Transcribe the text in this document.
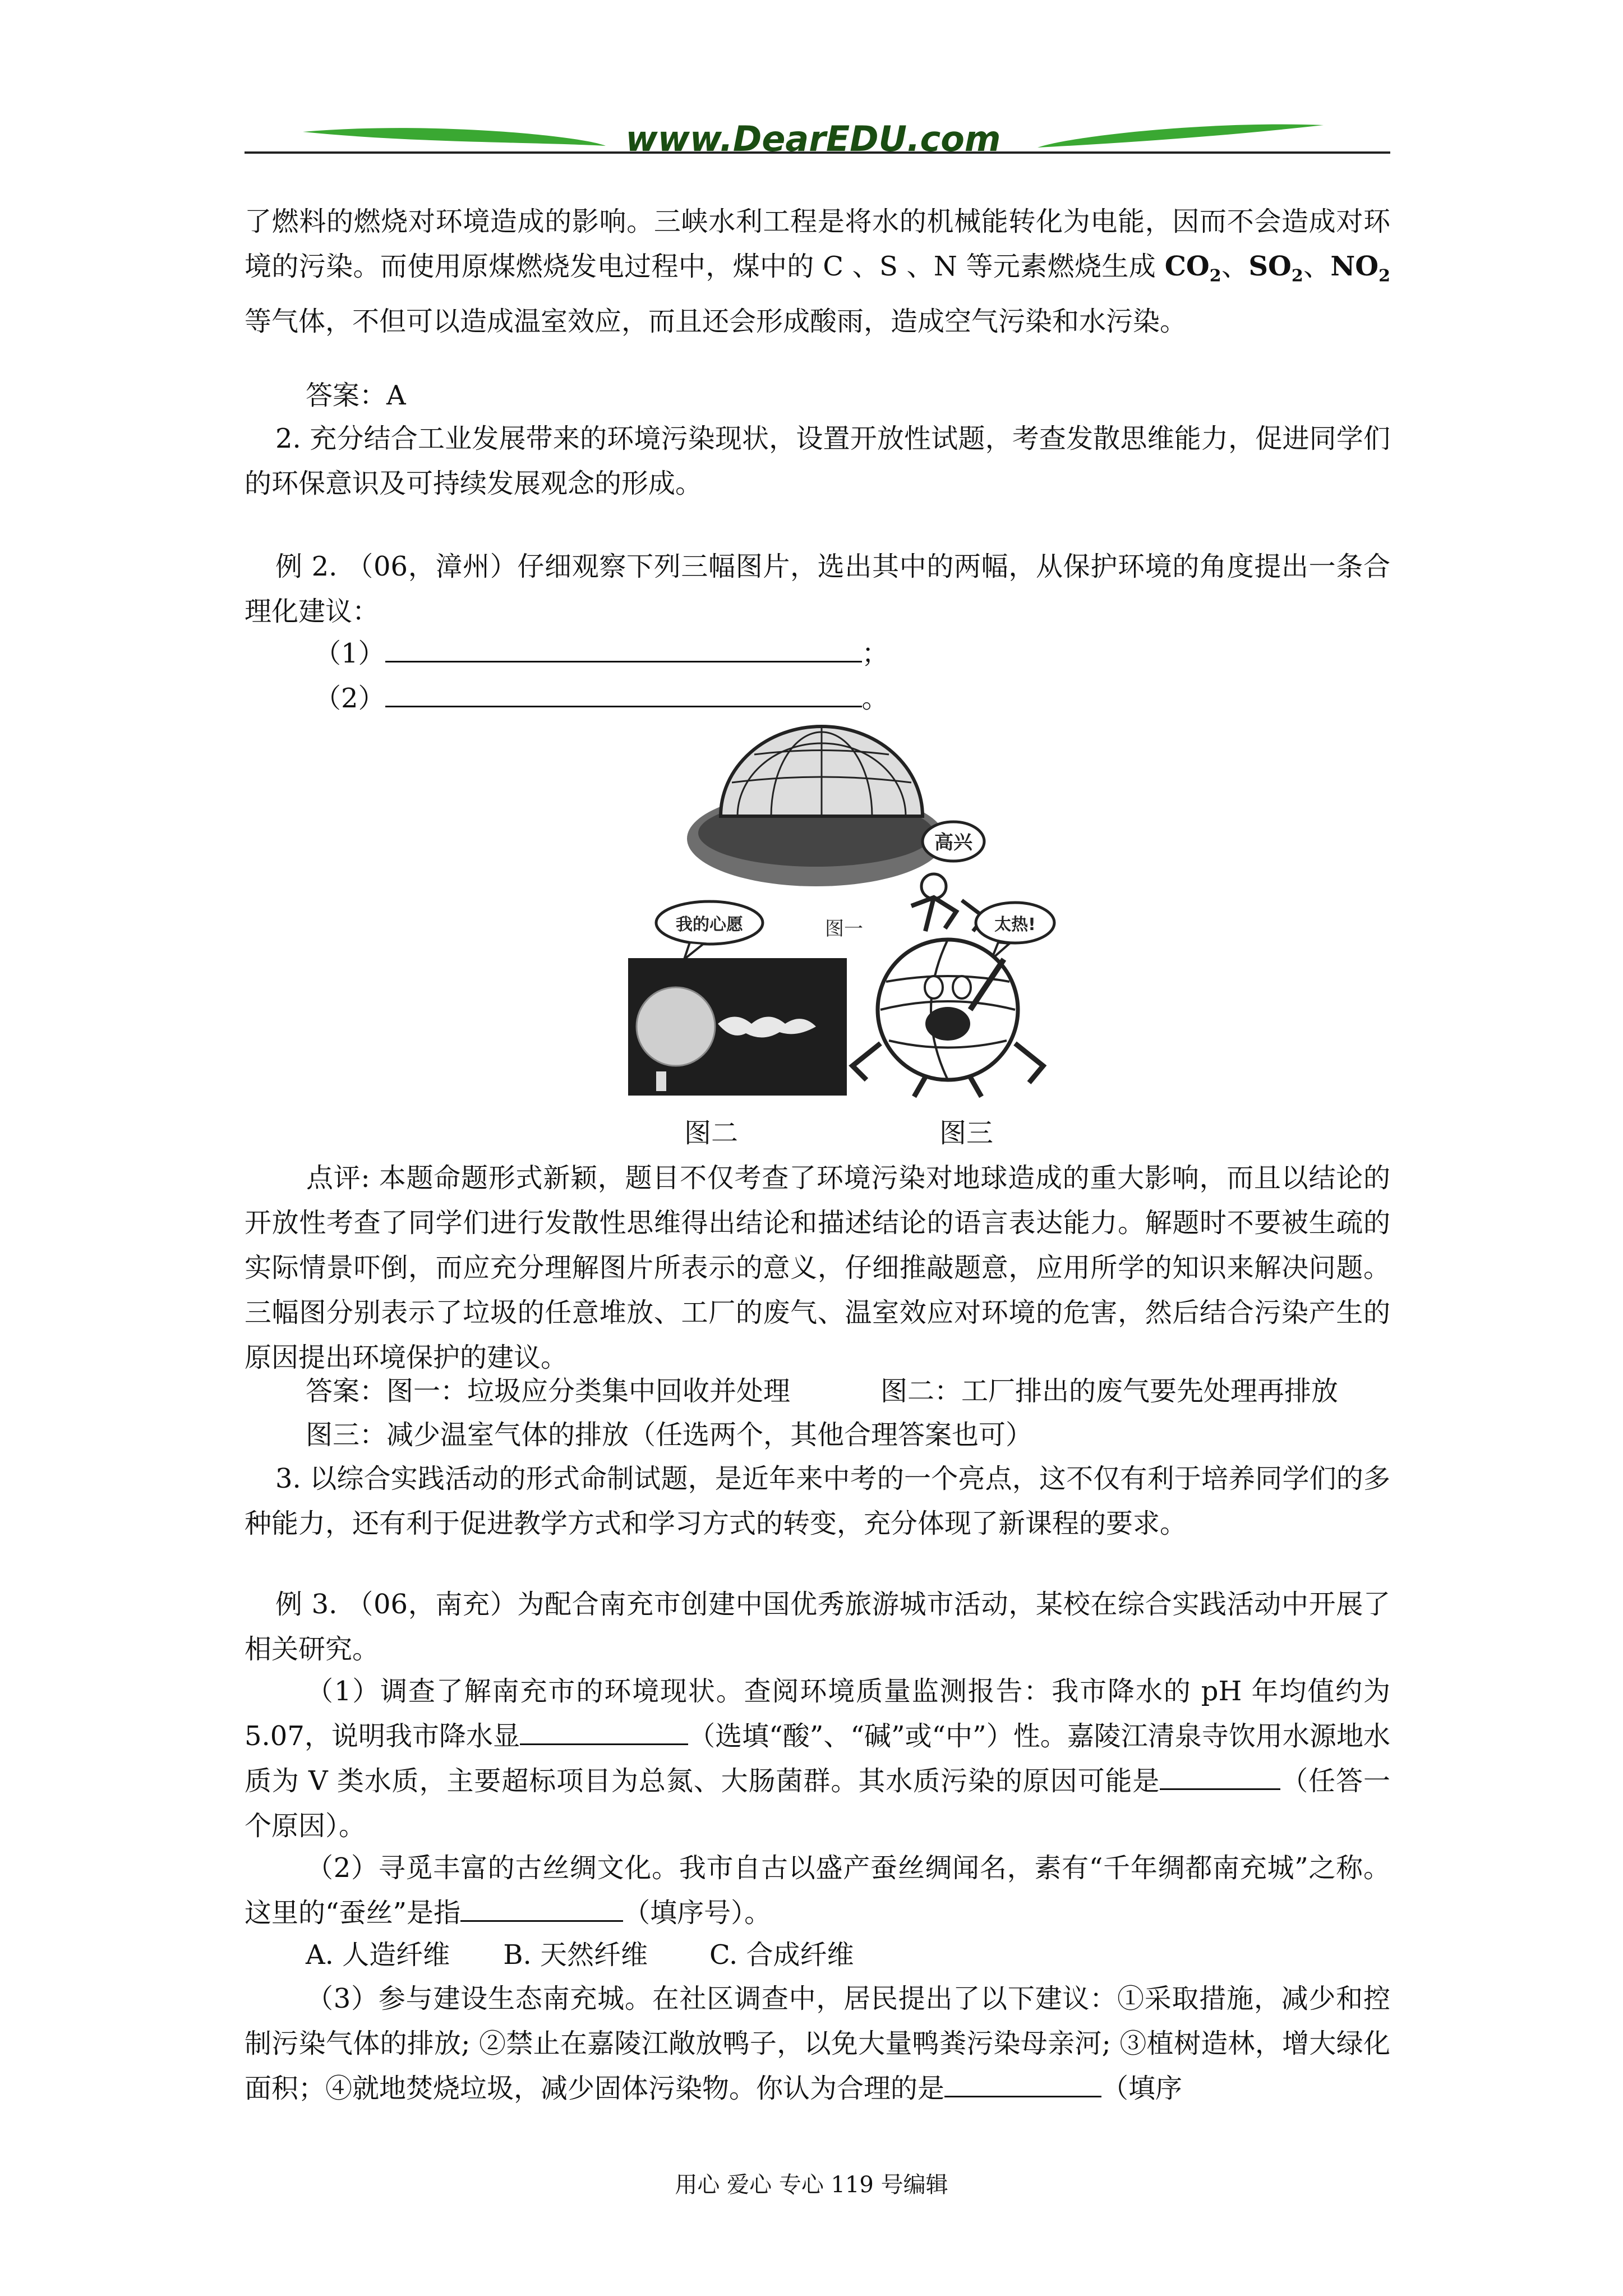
www.DearEDU.com

了燃料的燃烧对环境造成的影响。三峡水利工程是将水的机械能转化为电能，因而不会造成对环境的污染。而使用原煤燃烧发电过程中，煤中的 C 、S 、N 等元素燃烧生成 $CO_2$、$SO_2$、$NO_2$等气体，不但可以造成温室效应，而且还会形成酸雨，造成空气污染和水污染。

答案：A

2. 充分结合工业发展带来的环境污染现状，设置开放性试题，考查发散思维能力，促进同学们的环保意识及可持续发展观念的形成。

例 2. （06，漳州）仔细观察下列三幅图片，选出其中的两幅，从保护环境的角度提出一条合理化建议：

（1）	；
（2）	。
高兴
图一
我的心愿	太热!
图二	图三

点评: 本题命题形式新颖，题目不仅考查了环境污染对地球造成的重大影响，而且以结论的开放性考查了同学们进行发散性思维得出结论和描述结论的语言表达能力。解题时不要被生疏的实际情景吓倒，而应充分理解图片所表示的意义，仔细推敲题意，应用所学的知识来解决问题。三幅图分别表示了垃圾的任意堆放、工厂的废气、温室效应对环境的危害，然后结合污染产生的原因提出环境保护的建议。

答案：图一：垃圾应分类集中回收并处理	图二：工厂排出的废气要先处理再排放
图三：减少温室气体的排放（任选两个，其他合理答案也可）

3. 以综合实践活动的形式命制试题，是近年来中考的一个亮点，这不仅有利于培养同学们的多种能力，还有利于促进教学方式和学习方式的转变，充分体现了新课程的要求。

例 3. （06，南充）为配合南充市创建中国优秀旅游城市活动，某校在综合实践活动中开展了相关研究。

（1）调查了解南充市的环境现状。查阅环境质量监测报告：我市降水的 pH 年均值约为 5.07，说明我市降水显	（选填“酸”、“碱”或“中”）性。嘉陵江清泉寺饮用水源地水质为 V 类水质，主要超标项目为总氮、大肠菌群。其水质污染的原因可能是	（任答一个原因）。

（2）寻觅丰富的古丝绸文化。我市自古以盛产蚕丝绸闻名，素有“千年绸都南充城”之称。这里的“蚕丝”是指	（填序号）。

A. 人造纤维 B. 天然纤维 C. 合成纤维

（3）参与建设生态南充城。在社区调查中，居民提出了以下建议：①采取措施，减少和控制污染气体的排放; ②禁止在嘉陵江敞放鸭子，以免大量鸭粪污染母亲河; ③植树造林，增大绿化面积；④就地焚烧垃圾，减少固体污染物。你认为合理的是	（填序

用心 爱心 专心 119 号编辑
